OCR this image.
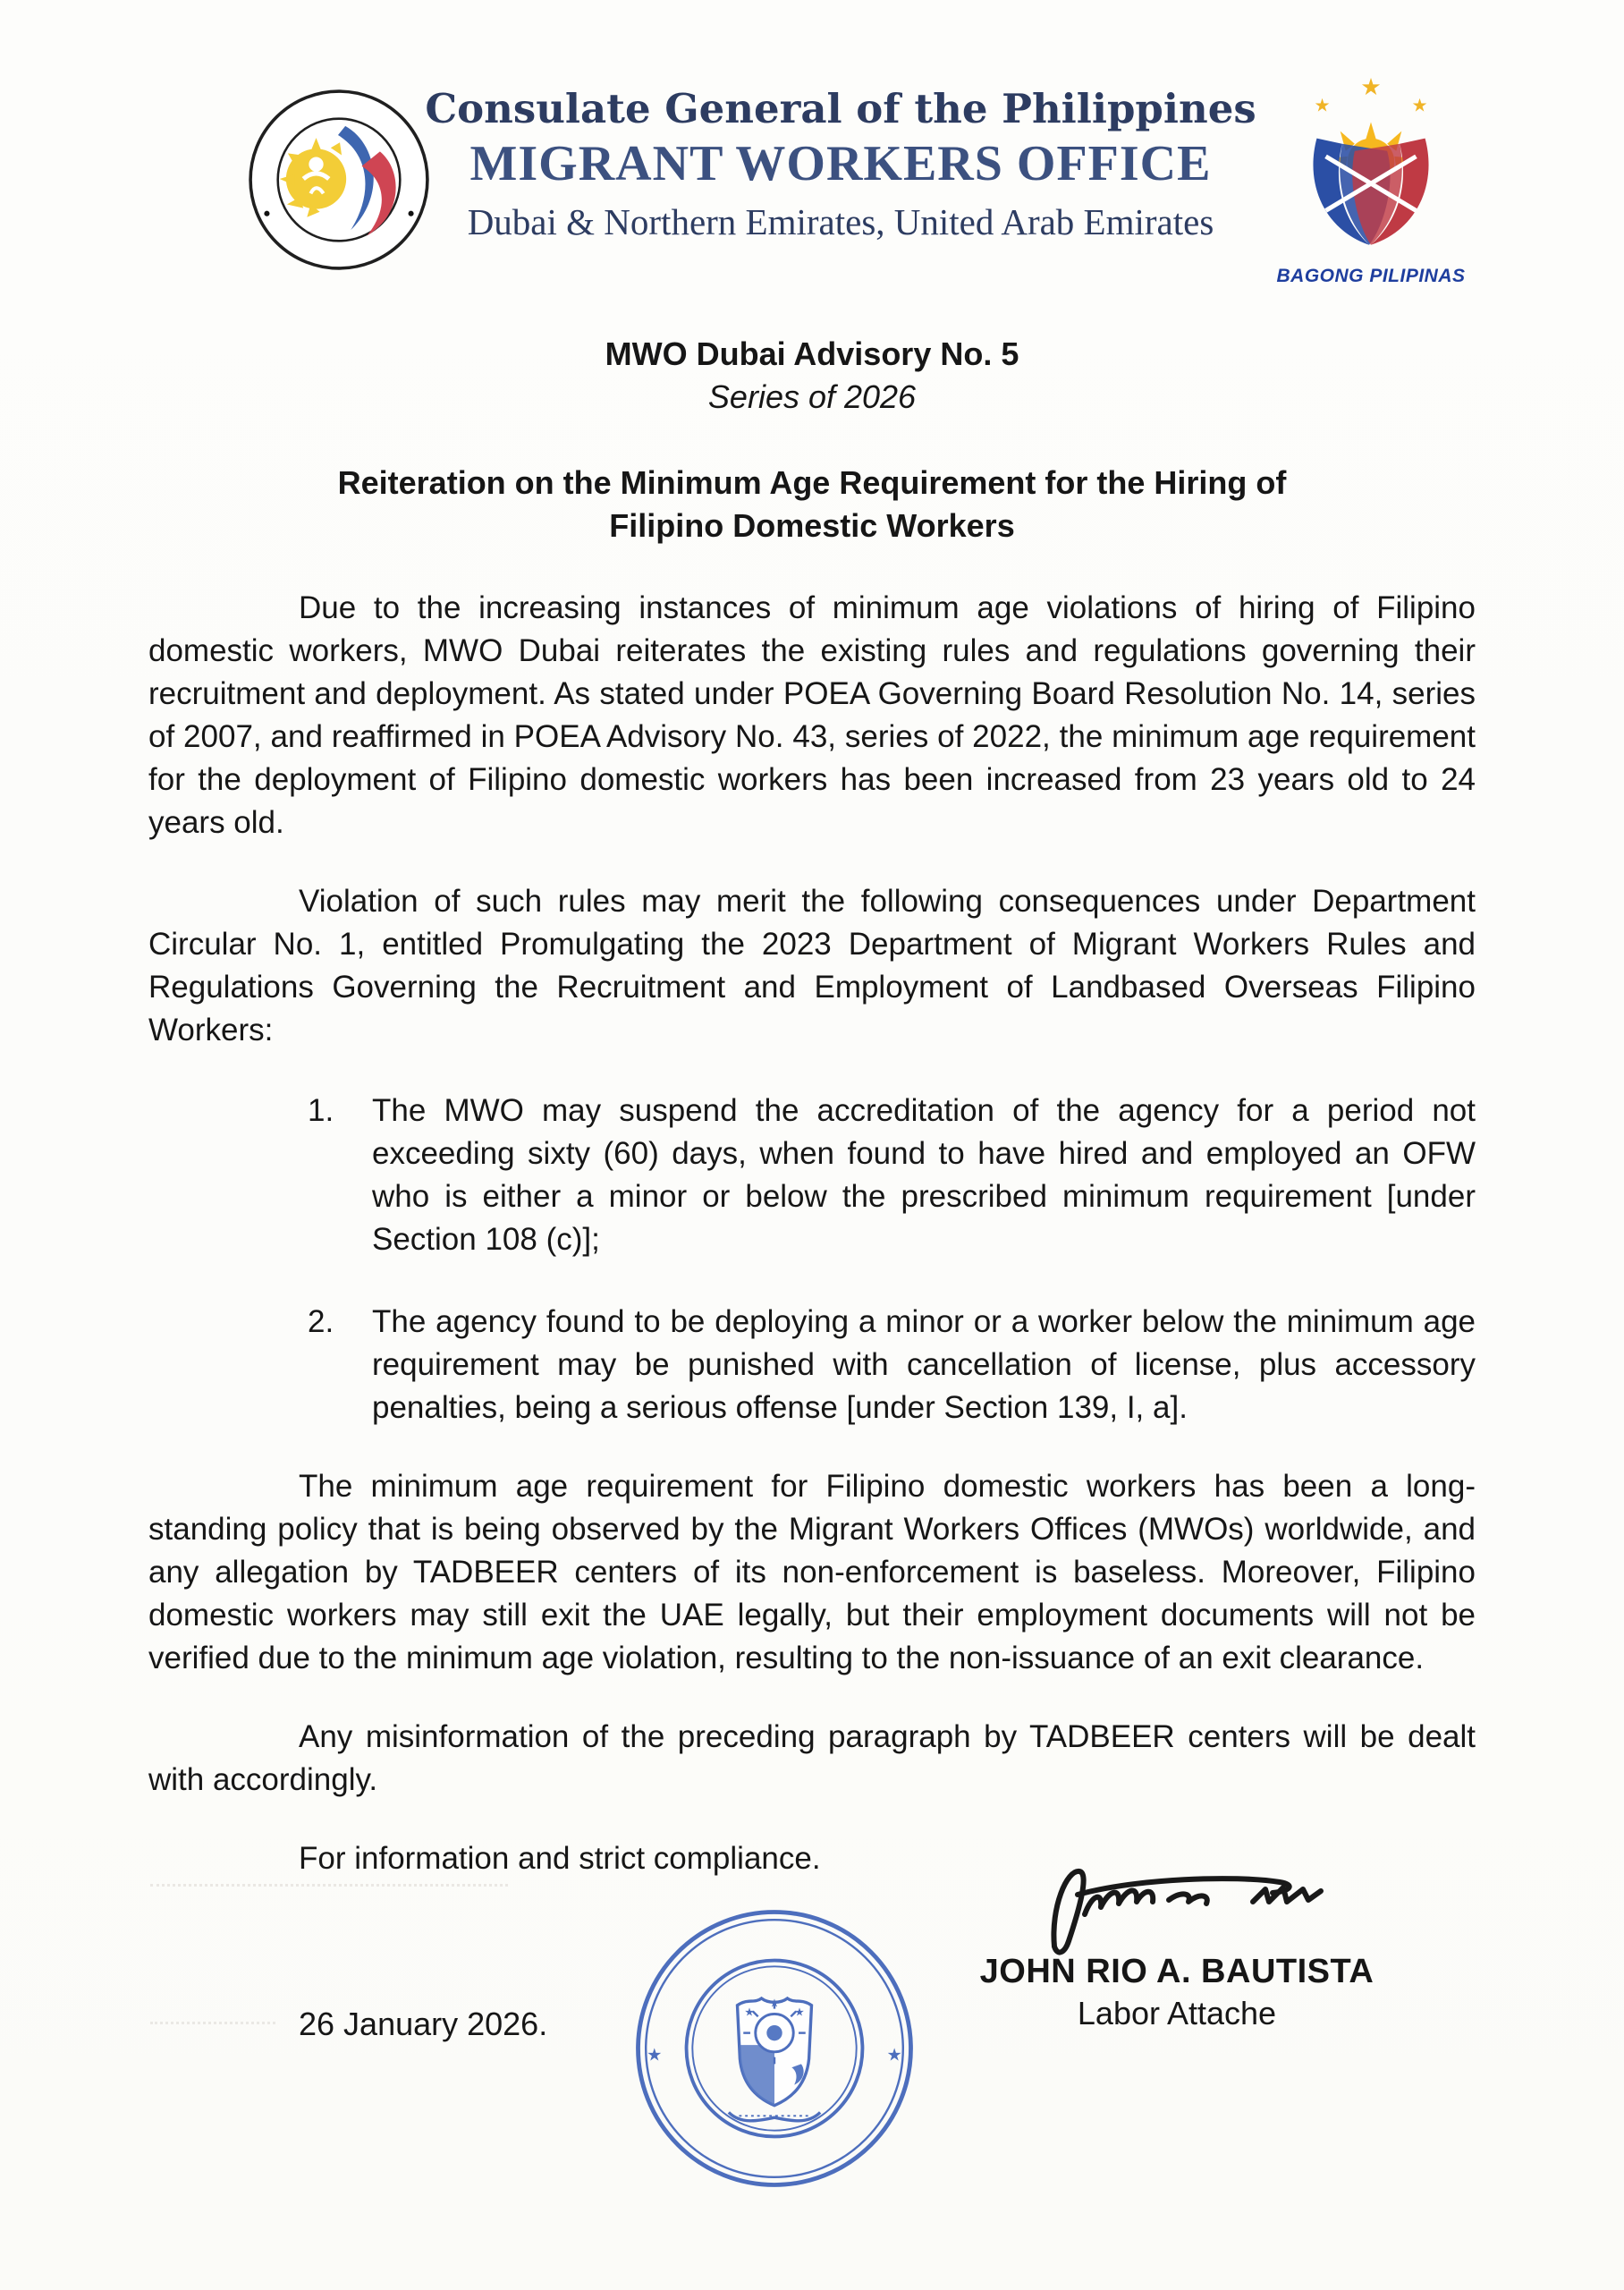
Consulate General of the Philippines
MIGRANT WORKERS OFFICE
Dubai & Northern Emirates, United Arab Emirates
★
★	★
BAGONG PILIPINAS
MWO Dubai Advisory No. 5
Series of 2026
Reiteration on the Minimum Age Requirement for the Hiring of Filipino Domestic Workers

Due to the increasing instances of minimum age violations of hiring of Filipino domestic workers, MWO Dubai reiterates the existing rules and regulations governing their recruitment and deployment. As stated under POEA Governing Board Resolution No. 14, series of 2007, and reaffirmed in POEA Advisory No. 43, series of 2022, the minimum age requirement for the deployment of Filipino domestic workers has been increased from 23 years old to 24 years old.

Violation of such rules may merit the following consequences under Department Circular No. 1, entitled Promulgating the 2023 Department of Migrant Workers Rules and Regulations Governing the Recruitment and Employment of Landbased Overseas Filipino Workers:

The MWO may suspend the accreditation of the agency for a period not exceeding sixty (60) days, when found to have hired and employed an OFW who is either a minor or below the prescribed minimum requirement [under Section 108 (c)];
The agency found to be deploying a minor or a worker below the minimum age requirement may be punished with cancellation of license, plus accessory penalties, being a serious offense [under Section 139, I, a].

The minimum age requirement for Filipino domestic workers has been a long-standing policy that is being observed by the Migrant Workers Offices (MWOs) worldwide, and any allegation by TADBEER centers of its non-enforcement is baseless. Moreover, Filipino domestic workers may still exit the UAE legally, but their employment documents will not be verified due to the minimum age violation, resulting to the non-issuance of an exit clearance.

Any misinformation of the preceding paragraph by TADBEER centers will be dealt with accordingly.

For information and strict compliance.

★	★
★
★
★
JOHN RIO A. BAUTISTA
Labor Attache
26 January 2026.
